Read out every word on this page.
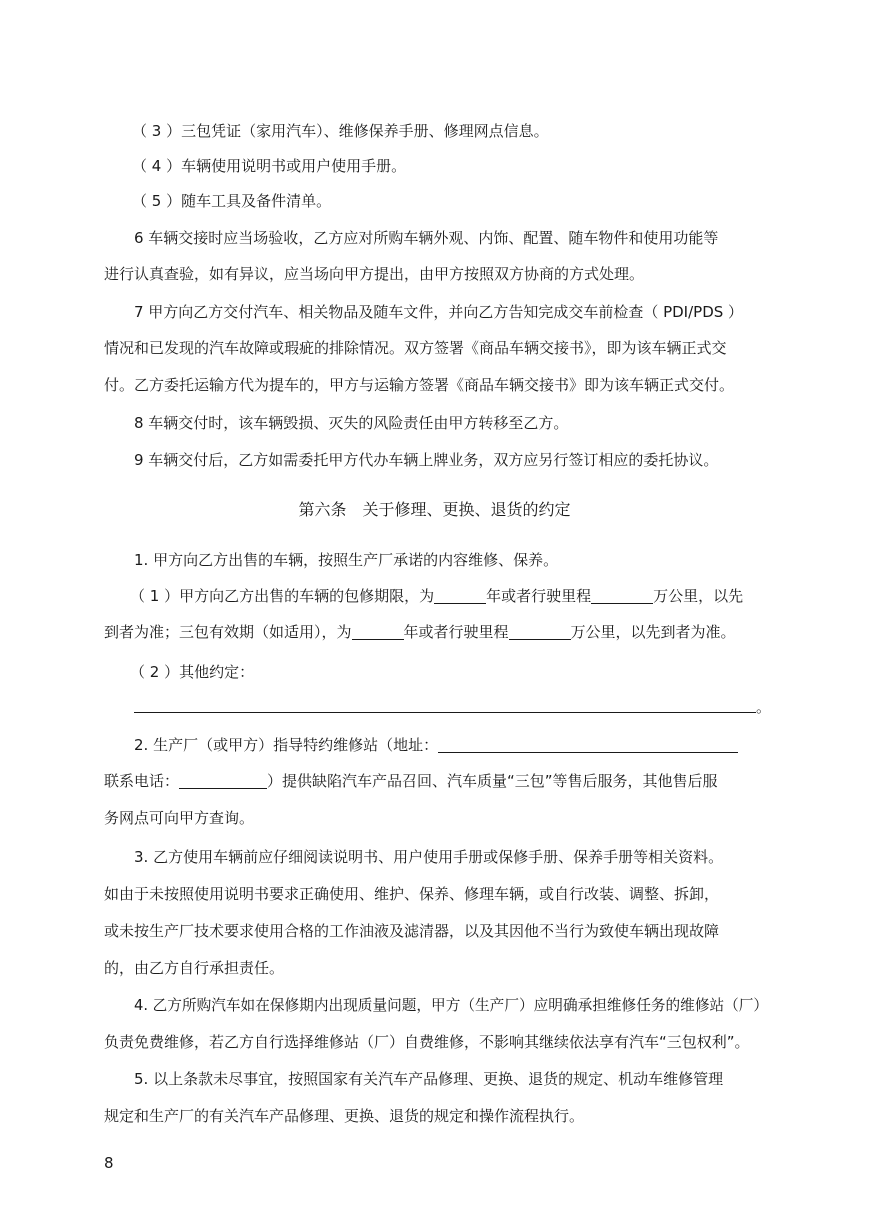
（ 3 ）三包凭证（家用汽车）、维修保养手册、修理网点信息。
（ 4 ）车辆使用说明书或用户使用手册。
（ 5 ）随车工具及备件清单。
6 车辆交接时应当场验收，乙方应对所购车辆外观、内饰、配置、随车物件和使用功能等
进行认真查验，如有异议，应当场向甲方提出，由甲方按照双方协商的方式处理。
7 甲方向乙方交付汽车、相关物品及随车文件，并向乙方告知完成交车前检查（ PDI/PDS ）
情况和已发现的汽车故障或瑕疵的排除情况。双方签署《商品车辆交接书》，即为该车辆正式交
付。乙方委托运输方代为提车的，甲方与运输方签署《商品车辆交接书》即为该车辆正式交付。
8 车辆交付时，该车辆毁损、灭失的风险责任由甲方转移至乙方。
9 车辆交付后，乙方如需委托甲方代办车辆上牌业务，双方应另行签订相应的委托协议。
第六条　关于修理、更换、退货的约定
1. 甲方向乙方出售的车辆，按照生产厂承诺的内容维修、保养。
（ 1 ）甲方向乙方出售的车辆的包修期限，为	年或者行驶里程	万公里，以先
到者为准；三包有效期（如适用），为	年或者行驶里程	万公里，以先到者为准。
（ 2 ）其他约定：
。
2. 生产厂（或甲方）指导特约维修站（地址：
联系电话：	）提供缺陷汽车产品召回、汽车质量“三包”等售后服务，其他售后服
务网点可向甲方查询。
3. 乙方使用车辆前应仔细阅读说明书、用户使用手册或保修手册、保养手册等相关资料。
如由于未按照使用说明书要求正确使用、维护、保养、修理车辆，或自行改装、调整、拆卸，
或未按生产厂技术要求使用合格的工作油液及滤清器，以及其因他不当行为致使车辆出现故障
的，由乙方自行承担责任。
4. 乙方所购汽车如在保修期内出现质量问题，甲方（生产厂）应明确承担维修任务的维修站（厂）
负责免费维修，若乙方自行选择维修站（厂）自费维修，不影响其继续依法享有汽车“三包权利”。
5. 以上条款未尽事宜，按照国家有关汽车产品修理、更换、退货的规定、机动车维修管理
规定和生产厂的有关汽车产品修理、更换、退货的规定和操作流程执行。
8
